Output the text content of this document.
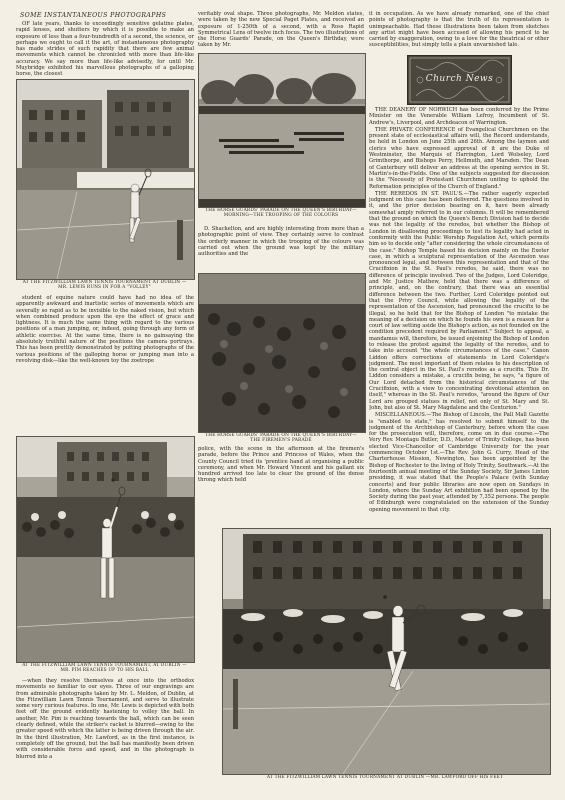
SOME INSTANTANEOUS PHOTOGRAPHS

OF late years, thanks to exceedingly sensitive gelatine plates, rapid lenses, and shutters by which it is possible to make an exposure of less than a four-hundredth of a second, the science, or perhaps we ought to call it the art, of instantaneous photography has made strides of such rapidity that there are few animal movements which cannot be chronicled with more than life-like accuracy. We say more than life-like advisedly, for until Mr. Muybridge exhibited his marvellous photographs of a galloping horse, the closest

AT THE FITZWILLIAM LAWN TENNIS TOURNAMENT AT DUBLIN —MR. LEWIS RUNS IN FOR A "VOLLEY"

student of equine nature could have had no idea of the apparently awkward and inartistic series of movements which are severally so rapid as to be invisible to the naked vision, but which when combined produce upon the eye the effect of grace and lightness. It is much the same thing with regard to the various positions of a man jumping, or, indeed, going through any form of athletic exercise. At the same time, there is no gainsaying the absolutely truthful nature of the positions the camera portrays. This has been prettily demonstrated by putting photographs of the various positions of the galloping horse or jumping man into a revolving disk—like the well-known toy the zoetrope

AT THE FITZWILLIAM LAWN TENNIS TOURNAMENT, AT DUBLIN —MR. PIM REACHES UP TO HIS BALL

—when they resolve themselves at once into the orthodox movements so familiar to our eyes. Three of our engravings are from admirable photographs taken by Mr. L. Meldon, of Dublin, at the Fitzwilliam Lawn Tennis Tournament, and serve to illustrate some very curious features. In one, Mr. Lewis is depicted with both feet off the ground evidently hastening to volley the ball. In another, Mr. Pim is reaching towards the ball, which can be seen clearly defined, while the striker's racket is blurred—owing to the greater speed with which the latter is being driven through the air. In the third illustration, Mr. Lawford, as in the first instance, is completely off the ground, but the ball has manifestly been driven with considerable force and speed, and in the photograph is blurred into a

veritably oval shape. Three photographs, Mr. Meldon states, were taken by the new Special Paget Plates, and received an exposure of 1-250th of a second, with a Ross Rapid Symmetrical Lens of twelve inch focus. The two illustrations of the Horse Guards' Parade, on the Queen's Birthday, were taken by Mr.

THE HORSE GUARDS' PARADE ON THE QUEEN'S BIRTHDAY— MORNING—THE TROOPING OF THE COLOURS

D. Shackelton, and are highly interesting from more than a photographic point of view. They certainly serve to contrast the orderly manner in which the trooping of the colours was carried out when the ground was kept by the military authorities and the

THE HORSE GUARDS' PARADE ON THE QUEEN'S BIRTHDAY— THE FIREMEN'S PARADE

police, with the scene in the afternoon at the firemen's parade, before the Prince and Princess of Wales, when the County Council tried its 'prentice hand at organising a public ceremony, and when Mr. Howard Vincent and his gallant six hundred arrived too late to clear the ground of the dense throng which held

it in occupation. As we have already remarked, one of the chief points of photography is that the truth of its representation is unimpeachable. Had these illustrations been taken from sketches any artist might have been accused of allowing his pencil to be carried by exaggeration, owing to a love for the theatrical or other susceptibilities, but simply tells a plain unvarnished tale.

Church News

THE DEANERY OF NORWICH has been conferred by the Prime Minister on the Venerable William Lefroy, Incumbent of St. Andrew's, Liverpool, and Archdeacon of Warrington.

THE PRIVATE CONFERENCE of Evangelical Churchmen on the present state of ecclesiastical affairs will, the Record understands, be held in London on June 25th and 26th. Among the laymen and clerics who have expressed approval of it are the Duke of Westminster, the Marquis of Harrington, Lord Wolseley, Lord Grimthorpe, and Bishops Perry, Hellmuth, and Marsden. The Dean of Canterbury will deliver an address at the opening service in St. Martin's-in-the-Fields. One of the subjects suggested for discussion is the "Necessity of Protestant Churchmen uniting to uphold the Reformation principles of the Church of England."

THE REREDOS IN ST. PAUL'S.—The rather eagerly expected judgment on this case has been delivered. The questions involved in it, and the prior decision bearing on it, have been already somewhat amply referred to in our columns. It will be remembered that the ground on which the Queen's Bench Division had to decide was not the legality of the reredos, but whether the Bishop of London in disallowing proceedings to test its legality had acted in conformity with the Public Worship Regulation Act, which permits him so to decide only "after considering the whole circumstances of the case." Bishop Temple based his decision mainly on the Exeter case, in which a sculptural representation of the Ascension was pronounced legal, and between this representation and that of the Crucifixion in the St. Paul's reredos, he said, there was no difference of principle involved. Two of the Judges, Lord Coleridge, and Mr. Justice Mathew, held that there was a difference of principle, and, on the contrary, that there was an essential difference between the two. Further, Lord Coleridge pointed out that the Privy Council, while allowing the legality of the representation of the Ascension, had pronounced the crucifix to be illegal, so he held that for the Bishop of London "to mistake the meaning of a decision on which he founds his own is a reason for a court of law setting aside the Bishop's action, as not founded on the condition precedent required by Parliament." Subject to appeal, a mandamus will, therefore, be issued enjoining the Bishop of London to release the protest against the legality of the reredos, and to take into account "the whole circumstances of the case." Canon Liddon offers corrections of statements in Lord Coleridge's judgment. The most important of them relates to his description of the central object in the St. Paul's reredos as a crucifix. This Dr. Liddon considers a mistake, a crucifix being, he says, "a figure of Our Lord detached from the historical circumstances of the Crucifixion, with a view to concentrating devotional attention on itself," whereas in the St. Paul's reredos, "around the figure of Our Lord are grouped statues in relief, not only of St. Mary and St. John, but also of St. Mary Magdalene and the Centurion."

MISCELLANEOUS.—The Bishop of Lincoln, the Pall Mall Gazette is "enabled to state," has resolved to submit himself to the judgment of the Archbishop of Canterbury, before whom the case for the prosecution will, therefore, come on in due course.—The Very Rev. Montagu Butler, D.D., Master of Trinity College, has been elected Vice-Chancellor of Cambridge University for the year commencing October 1st.—The Rev. John G. Curry, Head of the Charterhouse Mission, Newington, has been appointed by the Bishop of Rochester to the living of Holy Trinity, Southwark.—At the fourteenth annual meeting of the Sunday Society, Sir James Linton presiding, it was stated that the People's Palace (with Sunday concerts) and four public libraries are now open on Sundays in London, where the Sunday Art exhibition had been opened by the Society during the past year, attended by 7,352 persons. The people of Edinburgh were congratulated on the extension of the Sunday opening movement in that city.

AT THE FITZWILLIAM LAWN TENNIS TOURNAMENT AT DUBLIN —MR. LAWFORD OFF HIS FEET
